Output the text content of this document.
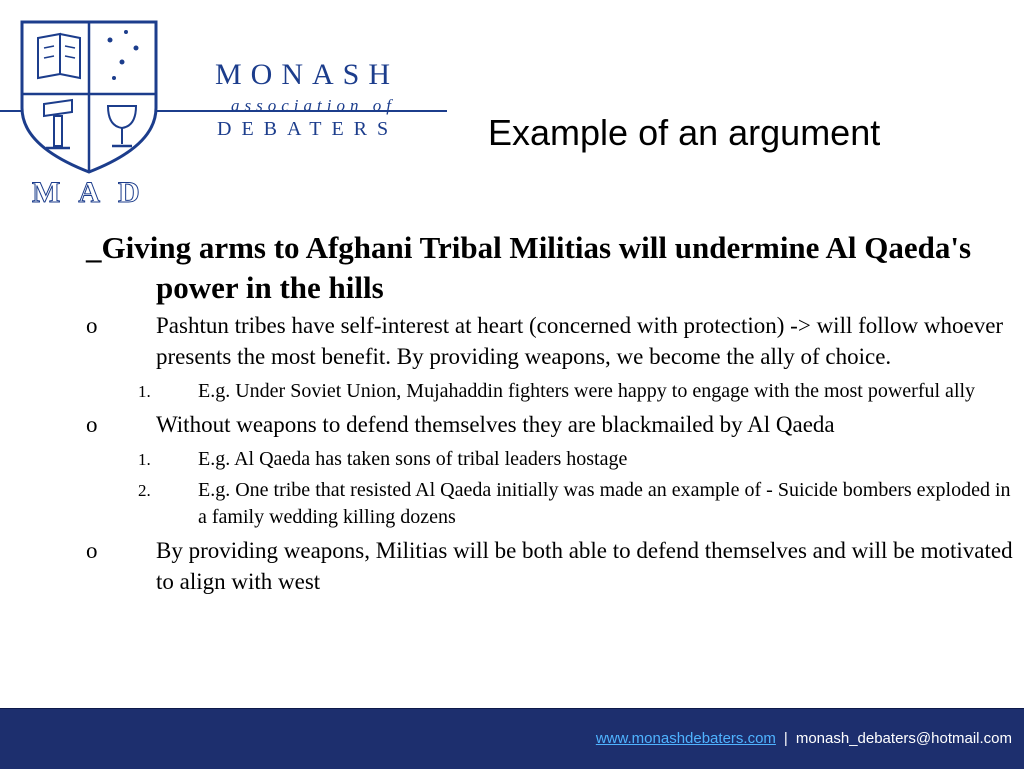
MONASH
association of
DEBATERS
MAD
Example of an argument

_Giving arms to Afghani Tribal Militias will undermine Al Qaeda's power in the hills

o	Pashtun tribes have self-interest at heart (concerned with protection) -> will follow whoever presents the most benefit. By providing weapons, we become the ally of choice.
1. E.g. Under Soviet Union, Mujahaddin fighters were happy to engage with the most powerful ally
o	Without weapons to defend themselves they are blackmailed by Al Qaeda
1. E.g. Al Qaeda has taken sons of tribal leaders hostage
2. E.g. One tribe that resisted Al Qaeda initially was made an example of - Suicide bombers exploded in a family wedding killing dozens
o	By providing weapons, Militias will be both able to defend themselves and will be motivated to align with west
www.monashdebaters.com | monash_debaters@hotmail.com
